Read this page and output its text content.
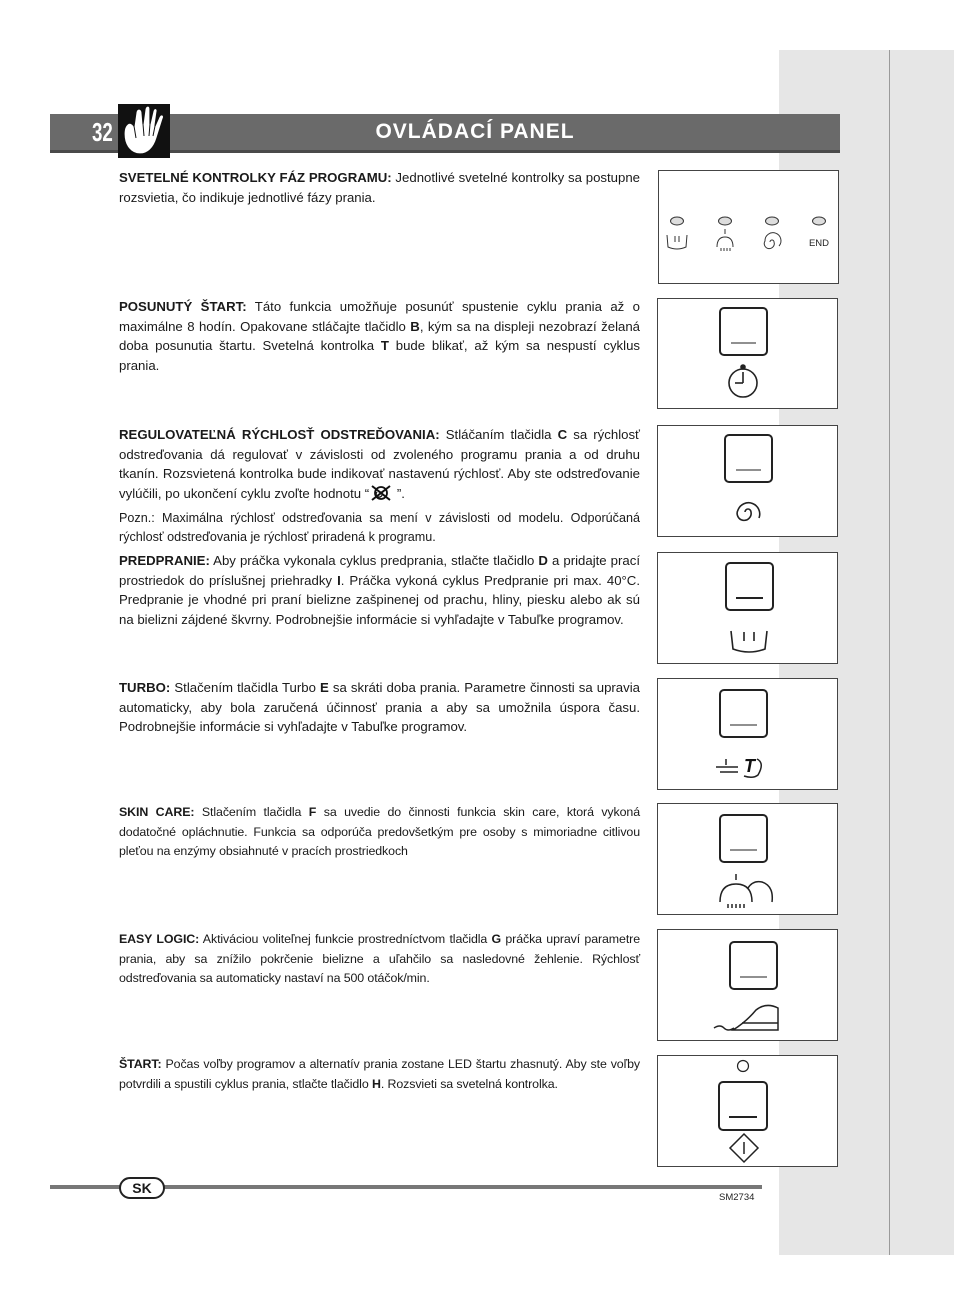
32	OVLÁDACÍ PANEL

SVETELNÉ KONTROLKY FÁZ PROGRAMU: Jednotlivé svetelné kontrolky sa postupne rozsvietia, čo indikuje jednotlivé fázy prania.

END

POSUNUTÝ ŠTART: Táto funkcia umožňuje posunúť spustenie cyklu prania až o maximálne 8 hodín. Opakovane stláčajte tlačidlo B, kým sa na displeji nezobrazí želaná doba posunutia štartu. Svetelná kontrolka T bude blikať, až kým sa nespustí cyklus prania.

REGULOVATEĽNÁ RÝCHLOSŤ ODSTREĎOVANIA: Stláčaním tlačidla C sa rýchlosť odstreďovania dá regulovať v závislosti od zvoleného programu prania a od druhu tkanín. Rozsvietená kontrolka bude indikovať nastavenú rýchlosť. Aby ste odstreďovanie vylúčili, po ukončení cyklu zvoľte hodnotu “ ”.

Pozn.: Maximálna rýchlosť odstreďovania sa mení v závislosti od modelu. Odporúčaná rýchlosť odstreďovania je rýchlosť priradená k programu.

PREDPRANIE: Aby práčka vykonala cyklus predprania, stlačte tlačidlo D a pridajte prací prostriedok do príslušnej priehradky I. Práčka vykoná cyklus Predpranie pri max. 40°C. Predpranie je vhodné pri praní bielizne zašpinenej od prachu, hliny, piesku alebo ak sú na bielizni zájdené škvrny. Podrobnejšie informácie si vyhľadajte v Tabuľke programov.

TURBO: Stlačením tlačidla Turbo E sa skráti doba prania. Parametre činnosti sa upravia automaticky, aby bola zaručená účinnosť prania a aby sa umožnila úspora času. Podrobnejšie informácie si vyhľadajte v Tabuľke programov.

T

SKIN CARE: Stlačením tlačidla F sa uvedie do činnosti funkcia skin care, ktorá vykoná dodatočné opláchnutie. Funkcia sa odporúča predovšetkým pre osoby s mimoriadne citlivou pleťou na enzýmy obsiahnuté v pracích prostriedkoch

EASY LOGIC: Aktiváciou voliteľnej funkcie prostredníctvom tlačidla G práčka upraví parametre prania, aby sa znížilo pokrčenie bielizne a uľahčilo sa nasledovné žehlenie. Rýchlosť odstreďovania sa automaticky nastaví na 500 otáčok/min.

ŠTART: Počas voľby programov a alternatív prania zostane LED štartu zhasnutý. Aby ste voľby potvrdili a spustili cyklus prania, stlačte tlačidlo H. Rozsvieti sa svetelná kontrolka.

SK
SM2734
